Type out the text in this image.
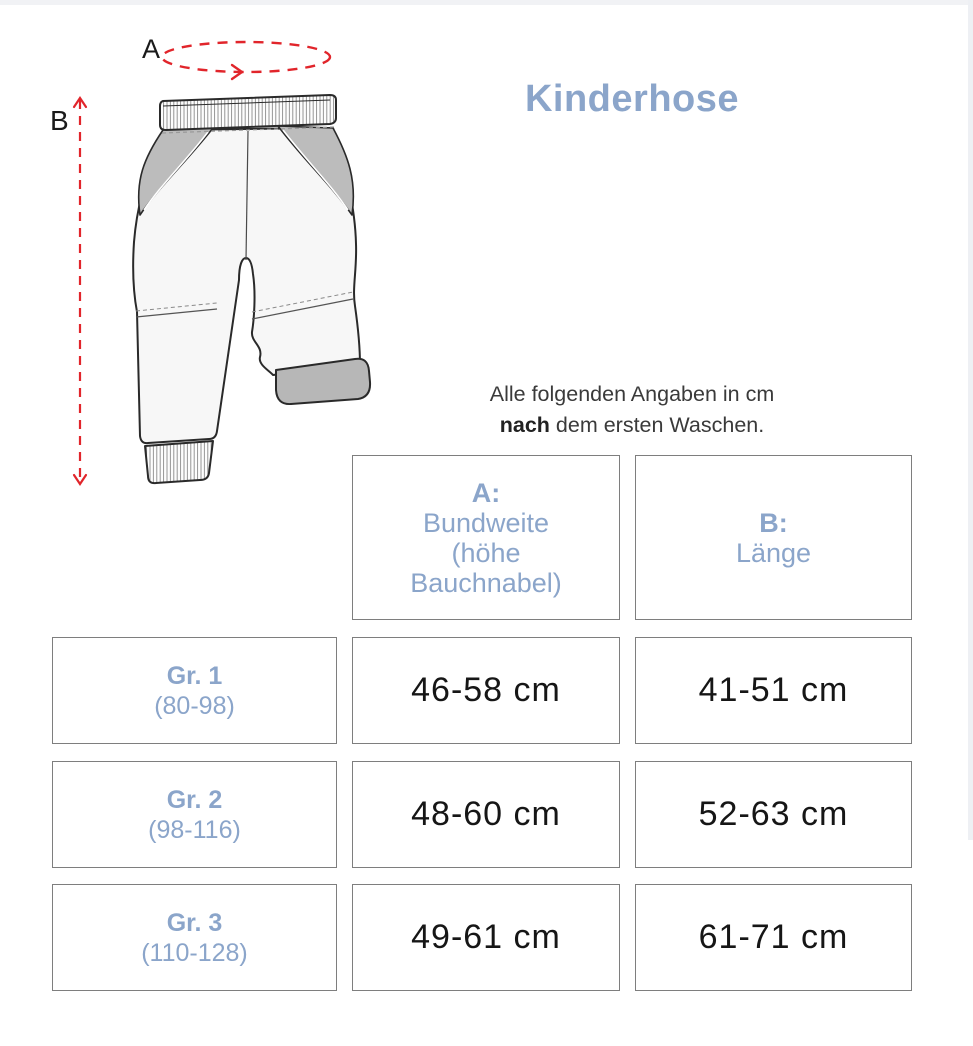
A
B
Kinderhose
Alle folgenden Angaben in cm
nach dem ersten Waschen.
A:
Bundweite (höhe Bauchnabel)
B:
Länge
Gr. 1
(80-98)	46-58 cm	41-51 cm
Gr. 2
(98-116)	48-60 cm	52-63 cm
Gr. 3
(110-128)	49-61 cm	61-71 cm
